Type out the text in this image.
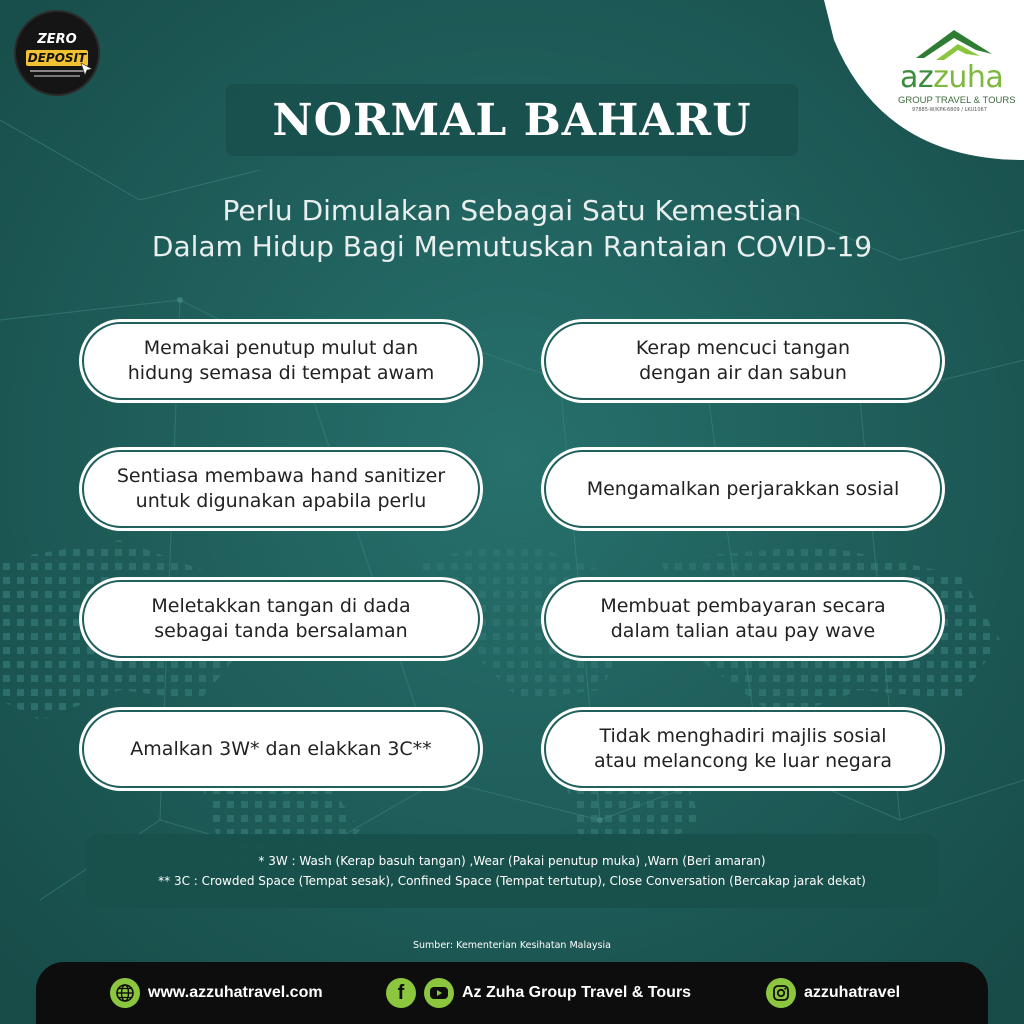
ZERO
DEPOSIT
azzuha
GROUP TRAVEL & TOURS
97885-W/KPK-6809 / LKU1067
NORMAL BAHARU
Perlu Dimulakan Sebagai Satu Kemestian
Dalam Hidup Bagi Memutuskan Rantaian COVID-19
Memakai penutup mulut dan
hidung semasa di tempat awam
Kerap mencuci tangan
dengan air dan sabun
Sentiasa membawa hand sanitizer
untuk digunakan apabila perlu
Mengamalkan perjarakkan sosial
Meletakkan tangan di dada
sebagai tanda bersalaman
Membuat pembayaran secara
dalam talian atau pay wave
Amalkan 3W* dan elakkan 3C**
Tidak menghadiri majlis sosial
atau melancong ke luar negara
* 3W : Wash (Kerap basuh tangan) ,Wear (Pakai penutup muka) ,Warn (Beri amaran)
** 3C : Crowded Space (Tempat sesak), Confined Space (Tempat tertutup), Close Conversation (Bercakap jarak dekat)
Sumber: Kementerian Kesihatan Malaysia
www.azzuhatravel.com	f	Az Zuha Group Travel & Tours	azzuhatravel
